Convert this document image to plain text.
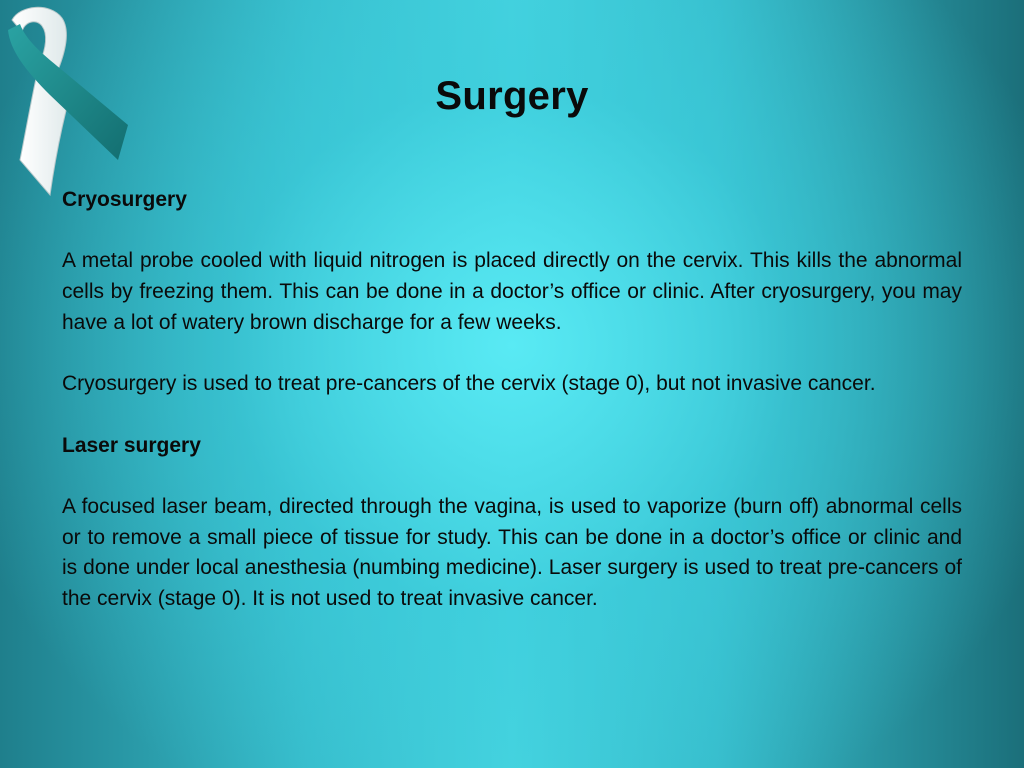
Surgery

Cryosurgery

A metal probe cooled with liquid nitrogen is placed directly on the cervix. This kills the abnormal cells by freezing them. This can be done in a doctor’s office or clinic. After cryosurgery, you may have a lot of watery brown discharge for a few weeks.

Cryosurgery is used to treat pre-cancers of the cervix (stage 0), but not invasive cancer.

Laser surgery

A focused laser beam, directed through the vagina, is used to vaporize (burn off) abnormal cells or to remove a small piece of tissue for study. This can be done in a doctor’s office or clinic and is done under local anesthesia (numbing medicine). Laser surgery is used to treat pre-cancers of the cervix (stage 0). It is not used to treat invasive cancer.
